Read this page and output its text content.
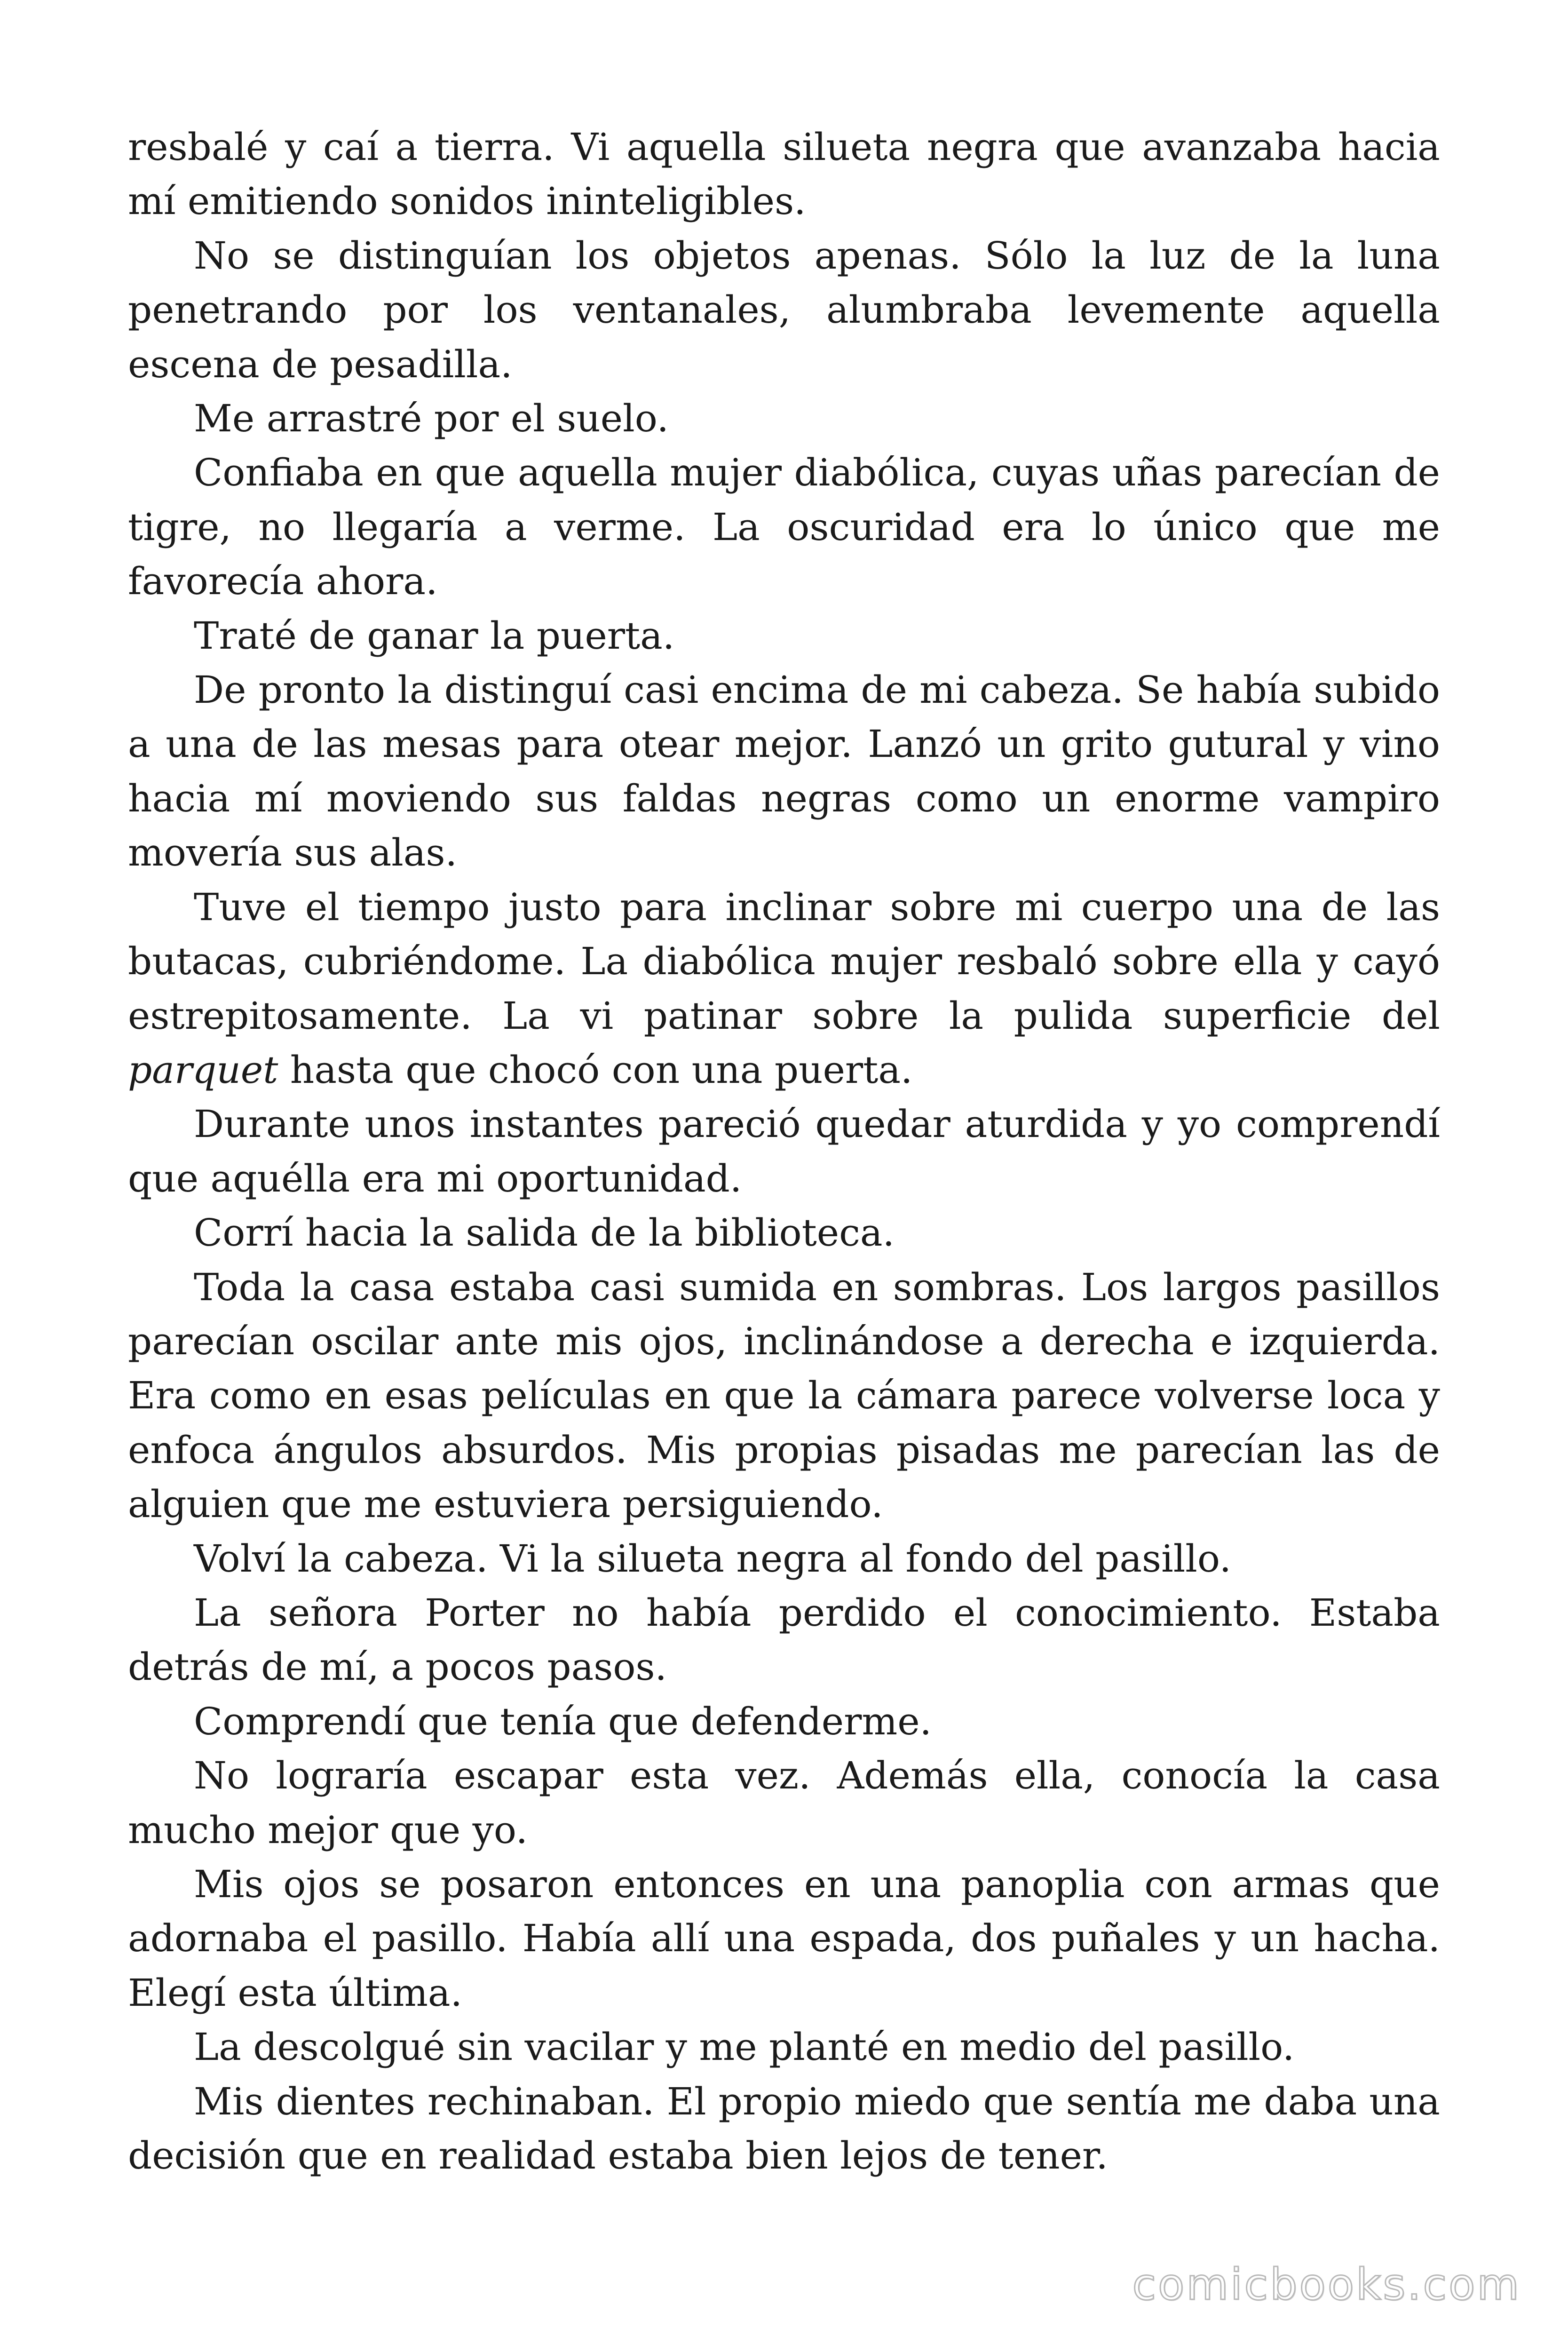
resbalé y caí a tierra. Vi aquella silueta negra que avanzaba hacia mí emitiendo sonidos ininteligibles.

No se distinguían los objetos apenas. Sólo la luz de la luna penetrando por los ventanales, alumbraba levemente aquella escena de pesadilla.

Me arrastré por el suelo.

Confiaba en que aquella mujer diabólica, cuyas uñas parecían de tigre, no llegaría a verme. La oscuridad era lo único que me favorecía ahora.

Traté de ganar la puerta.

De pronto la distinguí casi encima de mi cabeza. Se había subido a una de las mesas para otear mejor. Lanzó un grito gutural y vino hacia mí moviendo sus faldas negras como un enorme vampiro movería sus alas.

Tuve el tiempo justo para inclinar sobre mi cuerpo una de las butacas, cubriéndome. La diabólica mujer resbaló sobre ella y cayó estrepitosamente. La vi patinar sobre la pulida superficie del parquet hasta que chocó con una puerta.

Durante unos instantes pareció quedar aturdida y yo comprendí que aquélla era mi oportunidad.

Corrí hacia la salida de la biblioteca.

Toda la casa estaba casi sumida en sombras. Los largos pasillos parecían oscilar ante mis ojos, inclinándose a derecha e izquierda. Era como en esas películas en que la cámara parece volverse loca y enfoca ángulos absurdos. Mis propias pisadas me parecían las de alguien que me estuviera persiguiendo.

Volví la cabeza. Vi la silueta negra al fondo del pasillo.

La señora Porter no había perdido el conocimiento. Estaba detrás de mí, a pocos pasos.

Comprendí que tenía que defenderme.

No lograría escapar esta vez. Además ella, conocía la casa mucho mejor que yo.

Mis ojos se posaron entonces en una panoplia con armas que adornaba el pasillo. Había allí una espada, dos puñales y un hacha. Elegí esta última.

La descolgué sin vacilar y me planté en medio del pasillo.

Mis dientes rechinaban. El propio miedo que sentía me daba una decisión que en realidad estaba bien lejos de tener.

comicbooks.com
